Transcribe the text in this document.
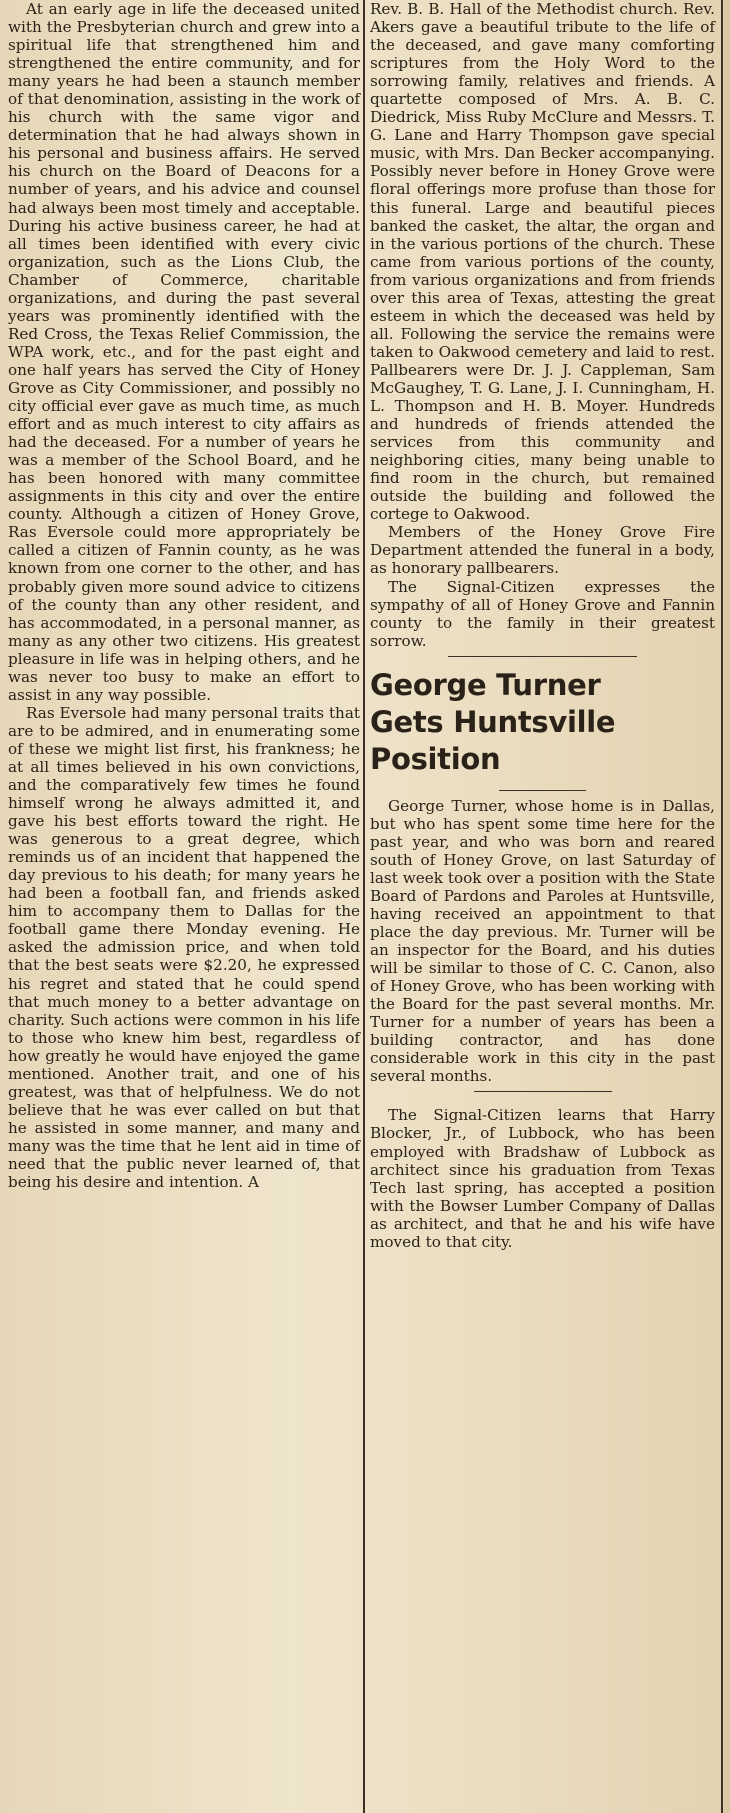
At an early age in life the deceased united with the Presbyterian church and grew into a spiritual life that strengthened him and strengthened the entire community, and for many years he had been a staunch member of that denomination, assisting in the work of his church with the same vigor and determination that he had always shown in his personal and business affairs. He served his church on the Board of Deacons for a number of years, and his advice and counsel had always been most timely and acceptable. During his active business career, he had at all times been identified with every civic organization, such as the Lions Club, the Chamber of Commerce, charitable organizations, and during the past several years was prominently identified with the Red Cross, the Texas Relief Commission, the WPA work, etc., and for the past eight and one half years has served the City of Honey Grove as City Commissioner, and possibly no city official ever gave as much time, as much effort and as much interest to city affairs as had the deceased. For a number of years he was a member of the School Board, and he has been honored with many committee assignments in this city and over the entire county. Although a citizen of Honey Grove, Ras Eversole could more appropriately be called a citizen of Fannin county, as he was known from one corner to the other, and has probably given more sound advice to citizens of the county than any other resident, and has accommodated, in a personal manner, as many as any other two citizens. His greatest pleasure in life was in helping others, and he was never too busy to make an effort to assist in any way possible.

Ras Eversole had many personal traits that are to be admired, and in enumerating some of these we might list first, his frankness; he at all times believed in his own convictions, and the comparatively few times he found himself wrong he always admitted it, and gave his best efforts toward the right. He was generous to a great degree, which reminds us of an incident that happened the day previous to his death; for many years he had been a football fan, and friends asked him to accompany them to Dallas for the football game there Monday evening. He asked the admission price, and when told that the best seats were $2.20, he expressed his regret and stated that he could spend that much money to a better advantage on charity. Such actions were common in his life to those who knew him best, regardless of how greatly he would have enjoyed the game mentioned. Another trait, and one of his greatest, was that of helpfulness. We do not believe that he was ever called on but that he assisted in some manner, and many and many was the time that he lent aid in time of need that the public never learned of, that being his desire and intention. A

Rev. B. B. Hall of the Methodist church. Rev. Akers gave a beautiful tribute to the life of the deceased, and gave many comforting scriptures from the Holy Word to the sorrowing family, relatives and friends. A quartette composed of Mrs. A. B. C. Diedrick, Miss Ruby McClure and Messrs. T. G. Lane and Harry Thompson gave special music, with Mrs. Dan Becker accompanying. Possibly never before in Honey Grove were floral offerings more profuse than those for this funeral. Large and beautiful pieces banked the casket, the altar, the organ and in the various portions of the church. These came from various portions of the county, from various organizations and from friends over this area of Texas, attesting the great esteem in which the deceased was held by all. Following the service the remains were taken to Oakwood cemetery and laid to rest. Pallbearers were Dr. J. J. Cappleman, Sam McGaughey, T. G. Lane, J. I. Cunningham, H. L. Thompson and H. B. Moyer. Hundreds and hundreds of friends attended the services from this community and neighboring cities, many being unable to find room in the church, but remained outside the building and followed the cortege to Oakwood.

Members of the Honey Grove Fire Department attended the funeral in a body, as honorary pallbearers.

The Signal-Citizen expresses the sympathy of all of Honey Grove and Fannin county to the family in their greatest sorrow.

George Turner
Gets Huntsville
Position

George Turner, whose home is in Dallas, but who has spent some time here for the past year, and who was born and reared south of Honey Grove, on last Saturday of last week took over a position with the State Board of Pardons and Paroles at Huntsville, having received an appointment to that place the day previous. Mr. Turner will be an inspector for the Board, and his duties will be similar to those of C. C. Canon, also of Honey Grove, who has been working with the Board for the past several months. Mr. Turner for a number of years has been a building contractor, and has done considerable work in this city in the past several months.

The Signal-Citizen learns that Harry Blocker, Jr., of Lubbock, who has been employed with Bradshaw of Lubbock as architect since his graduation from Texas Tech last spring, has accepted a position with the Bowser Lumber Company of Dallas as architect, and that he and his wife have moved to that city.
